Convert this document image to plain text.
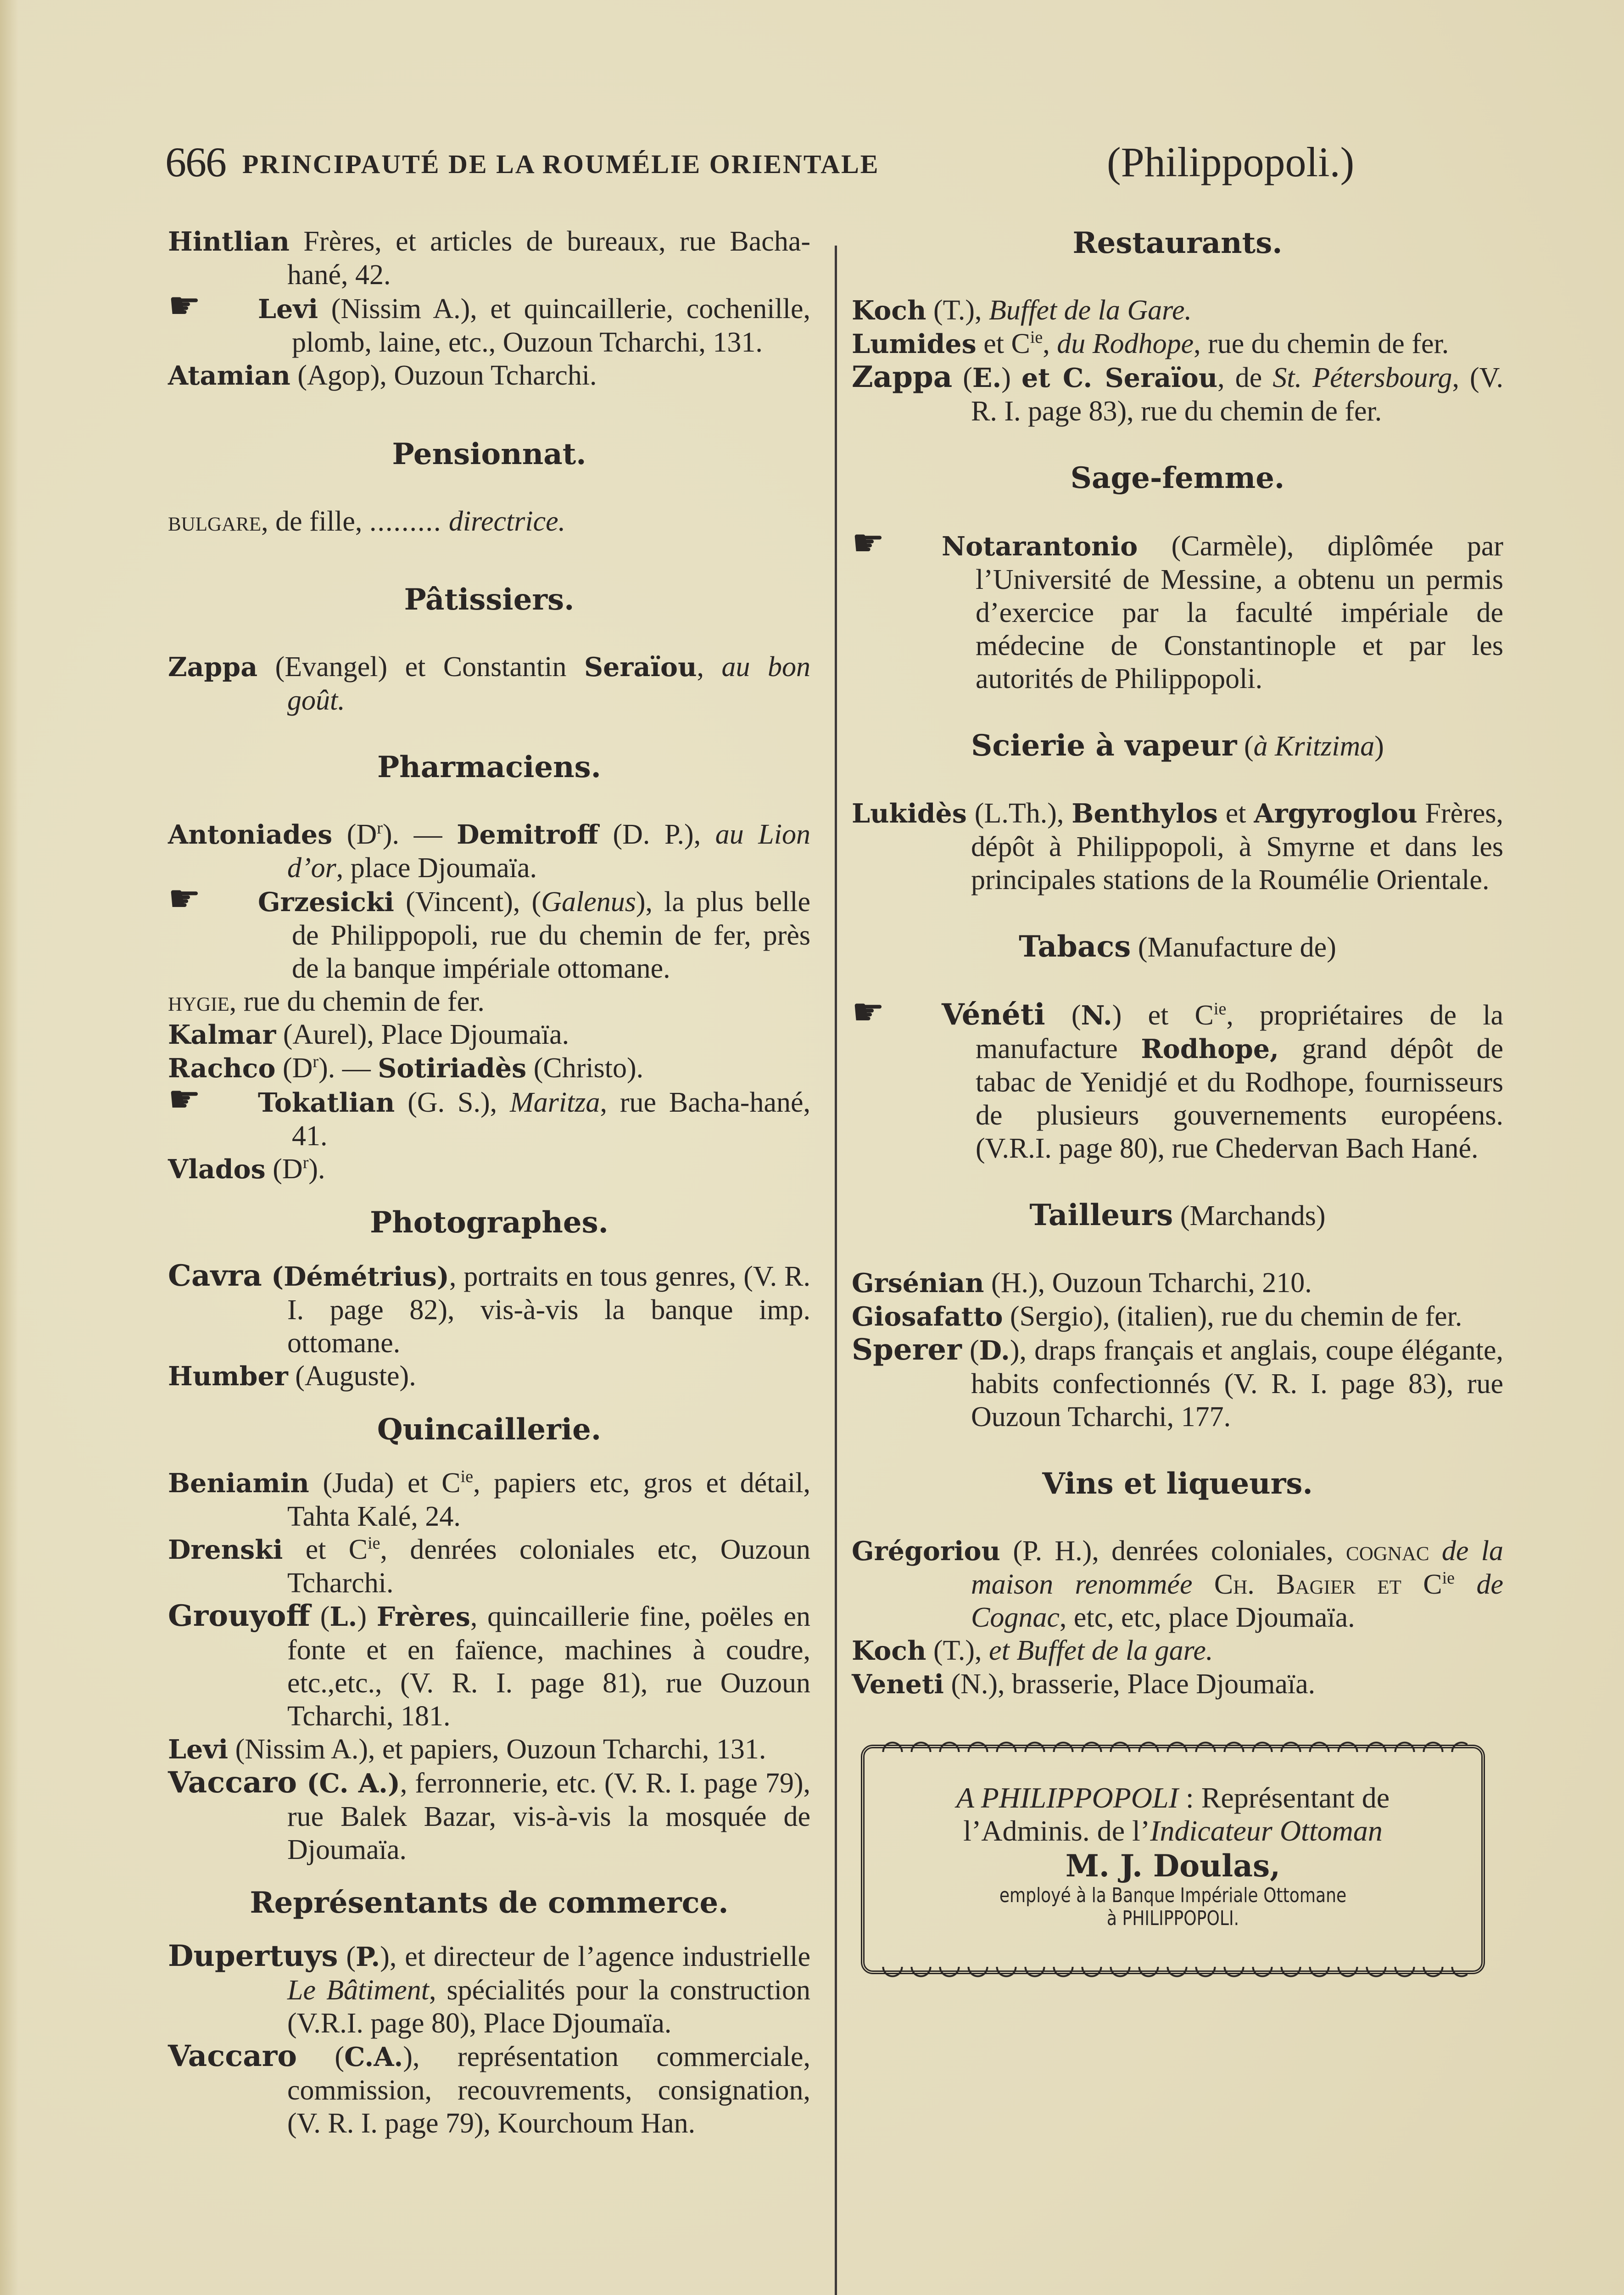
666 PRINCIPAUTÉ DE LA ROUMÉLIE ORIENTALE	(Philippopoli.)
Hintlian Frères, et articles de bureaux, rue Bacha-hané, 42.
☛ Levi (Nissim A.), et quincaillerie, cochenille, plomb, laine, etc., Ouzoun Tcharchi, 131.
Atamian (Agop), Ouzoun Tcharchi.
Pensionnat.
bulgare, de fille, ......... directrice.
Pâtissiers.
Zappa (Evangel) et Constantin Seraïou, au bon goût.
Pharmaciens.
Antoniades $(D^r)$. — Demitroff (D. P.), au Lion d’or, place Djoumaïa.
☛ Grzesicki (Vincent), (Galenus), la plus belle de Philippopoli, rue du chemin de fer, près de la banque impériale ottomane.
hygie, rue du chemin de fer.
Kalmar (Aurel), Place Djoumaïa.
Rachco $(D^r)$. — Sotiriadès (Christo).
☛ Tokatlian (G. S.), Maritza, rue Bacha-hané, 41.
Vlados $(D^r)$.
Photographes.
Cavra (Démétrius), portraits en tous genres, (V. R. I. page 82), vis-à-vis la banque imp. ottomane.
Humber (Auguste).
Quincaillerie.
Beniamin (Juda) et $C^{ie}$, papiers etc, gros et détail, Tahta Kalé, 24.
Drenski et $C^{ie}$, denrées coloniales etc, Ouzoun Tcharchi.
Grouyoff (L.) Frères, quincaillerie fine, poëles en fonte et en faïence, machines à coudre, etc.,etc., (V. R. I. page 81), rue Ouzoun Tcharchi, 181.
Levi (Nissim A.), et papiers, Ouzoun Tcharchi, 131.
Vaccaro (C. A.), ferronnerie, etc. (V. R. I. page 79), rue Balek Bazar, vis-à-vis la mosquée de Djoumaïa.
Représentants de commerce.
Dupertuys (P.), et directeur de l’agence industrielle Le Bâtiment, spécialités pour la construction (V.R.I. page 80), Place Djoumaïa.
Vaccaro (C.A.), représentation commerciale, commission, recouvrements, consignation, (V. R. I. page 79), Kourchoum Han.
Restaurants.
Koch (T.), Buffet de la Gare.
Lumides et $C^{ie}$, du Rodhope, rue du chemin de fer.
Zappa (E.) et C. Seraïou, de St. Pétersbourg, (V. R. I. page 83), rue du chemin de fer.
Sage-femme.
☛ Notarantonio (Carmèle), diplômée par l’Université de Messine, a obtenu un permis d’exercice par la faculté impériale de médecine de Constantinople et par les autorités de Philippopoli.
Scierie à vapeur (à Kritzima)
Lukidès (L.Th.), Benthylos et Argyroglou Frères, dépôt à Philippopoli, à Smyrne et dans les principales stations de la Roumélie Orientale.
Tabacs (Manufacture de)
☛ Vénéti (N.) et $C^{ie}$, propriétaires de la manufacture Rodhope, grand dépôt de tabac de Yenidjé et du Rodhope, fournisseurs de plusieurs gouvernements européens. (V.R.I. page 80), rue Chedervan Bach Hané.
Tailleurs (Marchands)
Grsénian (H.), Ouzoun Tcharchi, 210.
Giosafatto (Sergio), (italien), rue du chemin de fer.
Sperer (D.), draps français et anglais, coupe élégante, habits confectionnés (V. R. I. page 83), rue Ouzoun Tcharchi, 177.
Vins et liqueurs.
Grégoriou (P. H.), denrées coloniales, cognac de la maison renommée Ch. Bagier et $C^{ie}$ de Cognac, etc, etc, place Djoumaïa.
Koch (T.), et Buffet de la gare.
Veneti (N.), brasserie, Place Djoumaïa.
A PHILIPPOPOLI : Représentant de
l’Adminis. de l’Indicateur Ottoman
M. J. Doulas,
employé à la Banque Impériale Ottomane
à PHILIPPOPOLI.
